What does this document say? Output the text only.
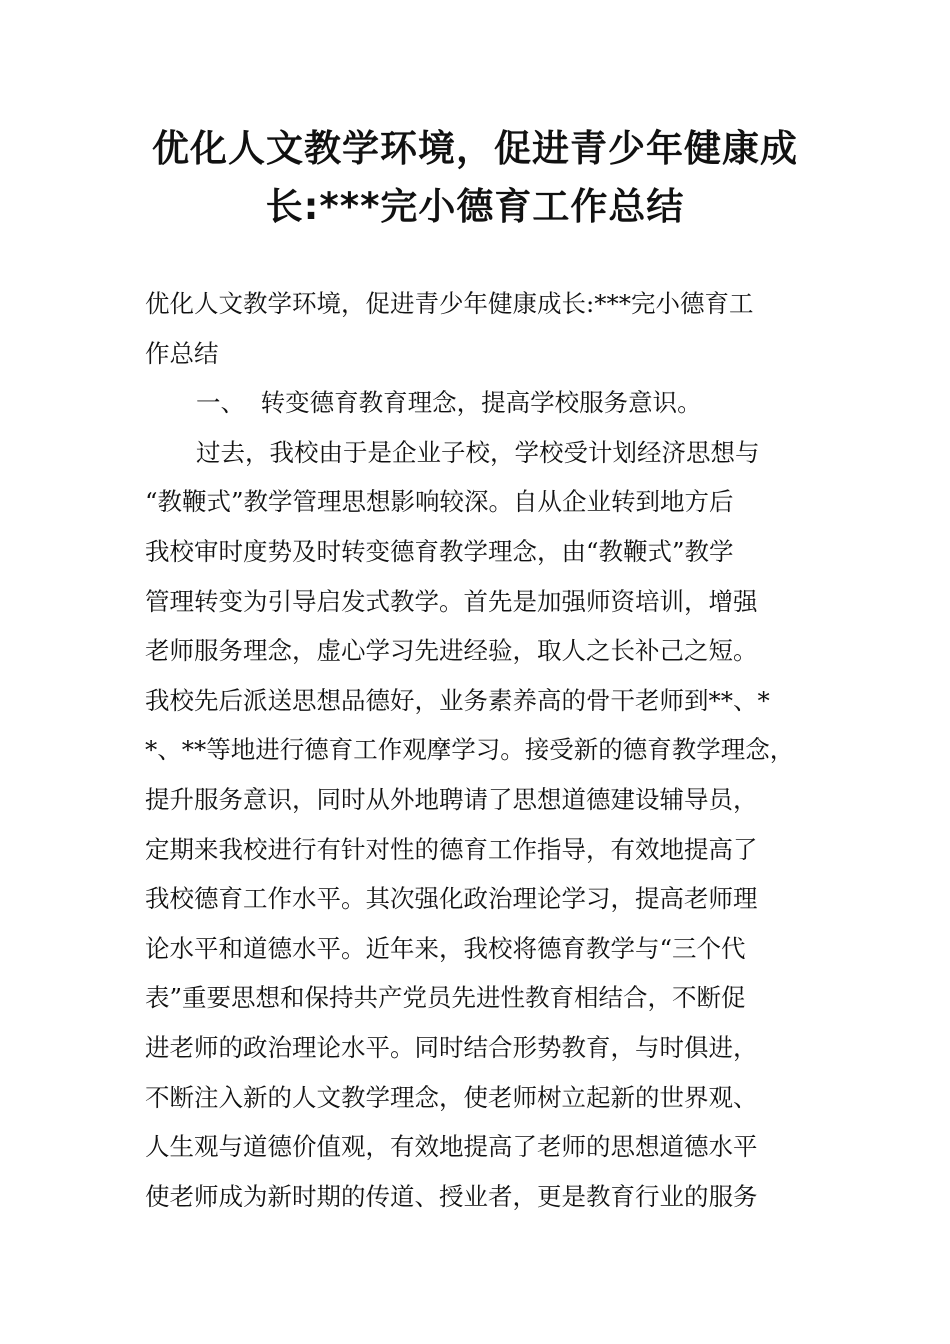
优化人文教学环境，促进青少年健康成
长:***完小德育工作总结
优化人文教学环境，促进青少年健康成长:***完小德育工
作总结
一、  转变德育教育理念，提高学校服务意识。
过去，我校由于是企业子校，学校受计划经济思想与
“教鞭式”教学管理思想影响较深。自从企业转到地方后
我校审时度势及时转变德育教学理念，由“教鞭式”教学
管理转变为引导启发式教学。首先是加强师资培训，增强
老师服务理念，虚心学习先进经验，取人之长补己之短。
我校先后派送思想品德好，业务素养高的骨干老师到**、*
*、**等地进行德育工作观摩学习。接受新的德育教学理念，
提升服务意识，同时从外地聘请了思想道德建设辅导员，
定期来我校进行有针对性的德育工作指导，有效地提高了
我校德育工作水平。其次强化政治理论学习，提高老师理
论水平和道德水平。近年来，我校将德育教学与“三个代
表”重要思想和保持共产党员先进性教育相结合，不断促
进老师的政治理论水平。同时结合形势教育，与时俱进，
不断注入新的人文教学理念，使老师树立起新的世界观、
人生观与道德价值观，有效地提高了老师的思想道德水平
使老师成为新时期的传道、授业者，更是教育行业的服务
